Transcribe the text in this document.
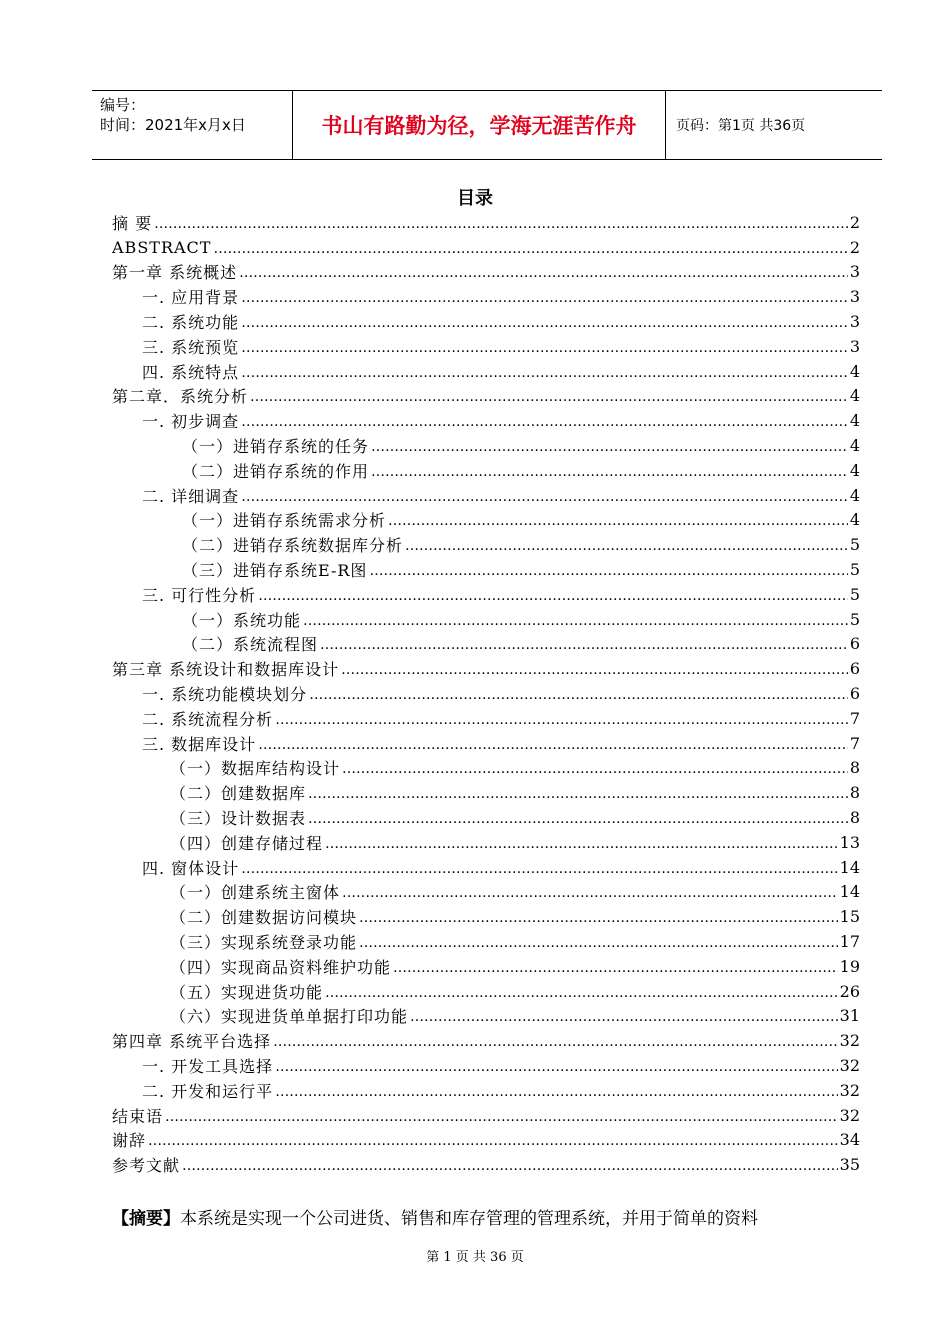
编号：
时间：2021年x月x日	书山有路勤为径，学海无涯苦作舟	页码：第1页 共36页
目录
摘 要 ……………………………………………………………………………………………………………………………………………………………………………………………	2
ABSTRACT ……………………………………………………………………………………………………………………………………………………………………………………………	2
第一章 系统概述 ……………………………………………………………………………………………………………………………………………………………………………………………	3
一. 应用背景 ……………………………………………………………………………………………………………………………………………………………………………………………	3
二. 系统功能 ……………………………………………………………………………………………………………………………………………………………………………………………	3
三. 系统预览 ……………………………………………………………………………………………………………………………………………………………………………………………	3
四. 系统特点 ……………………………………………………………………………………………………………………………………………………………………………………………	4
第二章．系统分析 ……………………………………………………………………………………………………………………………………………………………………………………………	4
一. 初步调查 ……………………………………………………………………………………………………………………………………………………………………………………………	4
（一）进销存系统的任务 ……………………………………………………………………………………………………………………………………………………………………………………………	4
（二）进销存系统的作用 ……………………………………………………………………………………………………………………………………………………………………………………………	4
二. 详细调查 ……………………………………………………………………………………………………………………………………………………………………………………………	4
（一）进销存系统需求分析 ……………………………………………………………………………………………………………………………………………………………………………………………	4
（二）进销存系统数据库分析 ……………………………………………………………………………………………………………………………………………………………………………………………	5
（三）进销存系统E-R图 ……………………………………………………………………………………………………………………………………………………………………………………………	5
三. 可行性分析 ……………………………………………………………………………………………………………………………………………………………………………………………	5
（一）系统功能 ……………………………………………………………………………………………………………………………………………………………………………………………	5
（二）系统流程图 ……………………………………………………………………………………………………………………………………………………………………………………………	6
第三章 系统设计和数据库设计 ……………………………………………………………………………………………………………………………………………………………………………………………	6
一. 系统功能模块划分 ……………………………………………………………………………………………………………………………………………………………………………………………	6
二. 系统流程分析 ……………………………………………………………………………………………………………………………………………………………………………………………	7
三. 数据库设计 ……………………………………………………………………………………………………………………………………………………………………………………………	7
（一）数据库结构设计 ……………………………………………………………………………………………………………………………………………………………………………………………	8
（二）创建数据库 ……………………………………………………………………………………………………………………………………………………………………………………………	8
（三）设计数据表 ……………………………………………………………………………………………………………………………………………………………………………………………	8
（四）创建存储过程 ……………………………………………………………………………………………………………………………………………………………………………………………	13
四. 窗体设计 ……………………………………………………………………………………………………………………………………………………………………………………………	14
（一）创建系统主窗体 ……………………………………………………………………………………………………………………………………………………………………………………………	14
（二）创建数据访问模块 ……………………………………………………………………………………………………………………………………………………………………………………………	15
（三）实现系统登录功能 ……………………………………………………………………………………………………………………………………………………………………………………………	17
（四）实现商品资料维护功能 ……………………………………………………………………………………………………………………………………………………………………………………………	19
（五）实现进货功能 ……………………………………………………………………………………………………………………………………………………………………………………………	26
（六）实现进货单单据打印功能 ……………………………………………………………………………………………………………………………………………………………………………………………	31
第四章 系统平台选择 ……………………………………………………………………………………………………………………………………………………………………………………………	32
一. 开发工具选择 ……………………………………………………………………………………………………………………………………………………………………………………………	32
二. 开发和运行平 ……………………………………………………………………………………………………………………………………………………………………………………………	32
结束语 ……………………………………………………………………………………………………………………………………………………………………………………………	32
谢辞 ……………………………………………………………………………………………………………………………………………………………………………………………	34
参考文献 ……………………………………………………………………………………………………………………………………………………………………………………………	35
【摘要】本系统是实现一个公司进货、销售和库存管理的管理系统，并用于简单的资料
第 1 页 共 36 页
